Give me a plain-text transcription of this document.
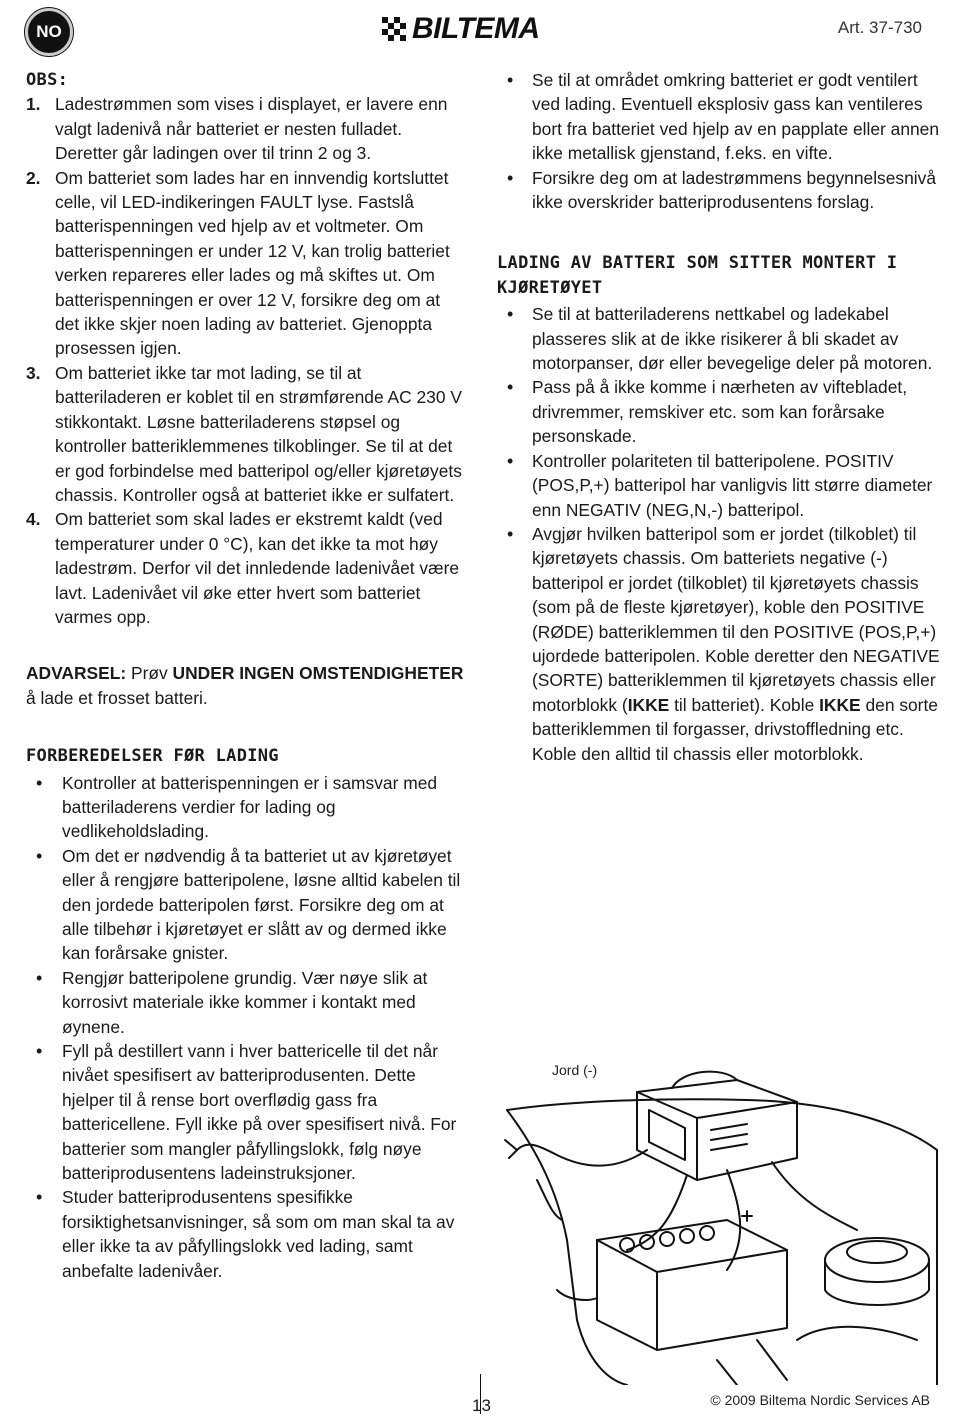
NO	BILTEMA	Art. 37-730
OBS:
1. Ladestrømmen som vises i displayet, er lavere enn valgt ladenivå når batteriet er nesten fulladet. Deretter går ladingen over til trinn 2 og 3.
2. Om batteriet som lades har en innvendig kortsluttet celle, vil LED-indikeringen FAULT lyse. Fastslå batterispenningen ved hjelp av et voltmeter. Om batterispenningen er under 12 V, kan trolig batteriet verken repareres eller lades og må skiftes ut. Om batterispenningen er over 12 V, forsikre deg om at det ikke skjer noen lading av batteriet. Gjenoppta prosessen igjen.
3. Om batteriet ikke tar mot lading, se til at batteriladeren er koblet til en strømførende AC 230 V stikkontakt. Løsne batteriladerens støpsel og kontroller batteriklemmenes tilkoblinger. Se til at det er god forbindelse med batteripol og/eller kjøretøyets chassis. Kontroller også at batteriet ikke er sulfatert.
4. Om batteriet som skal lades er ekstremt kaldt (ved temperaturer under 0 °C), kan det ikke ta mot høy ladestrøm. Derfor vil det innledende ladenivået være lavt. Ladenivået vil øke etter hvert som batteriet varmes opp.
ADVARSEL: Prøv UNDER INGEN OMSTENDIGHETER å lade et frosset batteri.
FORBEREDELSER FØR LADING
• Kontroller at batterispenningen er i samsvar med batteriladerens verdier for lading og vedlikeholdslading.
• Om det er nødvendig å ta batteriet ut av kjøretøyet eller å rengjøre batteripolene, løsne alltid kabelen til den jordede batteripolen først. Forsikre deg om at alle tilbehør i kjøretøyet er slått av og dermed ikke kan forårsake gnister.
• Rengjør batteripolene grundig. Vær nøye slik at korrosivt materiale ikke kommer i kontakt med øynene.
• Fyll på destillert vann i hver battericelle til det når nivået spesifisert av batteriprodusenten. Dette hjelper til å rense bort overflødig gass fra battericellene. Fyll ikke på over spesifisert nivå. For batterier som mangler påfyllingslokk, følg nøye batteriprodusentens ladeinstruksjoner.
• Studer batteriprodusentens spesifikke forsiktighetsanvisninger, så som om man skal ta av eller ikke ta av påfyllingslokk ved lading, samt anbefalte ladenivåer.
• Se til at området omkring batteriet er godt ventilert ved lading. Eventuell eksplosiv gass kan ventileres bort fra batteriet ved hjelp av en papplate eller annen ikke metallisk gjenstand, f.eks. en vifte.
• Forsikre deg om at ladestrømmens begynnelsesnivå ikke overskrider batteriprodusentens forslag.
LADING AV BATTERI SOM SITTER MONTERT I KJØRETØYET
• Se til at batteriladerens nettkabel og ladekabel plasseres slik at de ikke risikerer å bli skadet av motorpanser, dør eller bevegelige deler på motoren.
• Pass på å ikke komme i nærheten av viftebladet, drivremmer, remskiver etc. som kan forårsake personskade.
• Kontroller polariteten til batteripolene. POSITIV (POS,P,+) batteripol har vanligvis litt større diameter enn NEGATIV (NEG,N,-) batteripol.
• Avgjør hvilken batteripol som er jordet (tilkoblet) til kjøretøyets chassis. Om batteriets negative (-) batteripol er jordet (tilkoblet) til kjøretøyets chassis (som på de fleste kjøretøyer), koble den POSITIVE (RØDE) batteriklemmen til den POSITIVE (POS,P,+) ujordede batteripolen. Koble deretter den NEGATIVE (SORTE) batteriklemmen til kjøretøyets chassis eller motorblokk (IKKE til batteriet). Koble IKKE den sorte batteriklemmen til forgasser, drivstoffledning etc. Koble den alltid til chassis eller motorblokk.
Jord (-)
13	© 2009 Biltema Nordic Services AB
